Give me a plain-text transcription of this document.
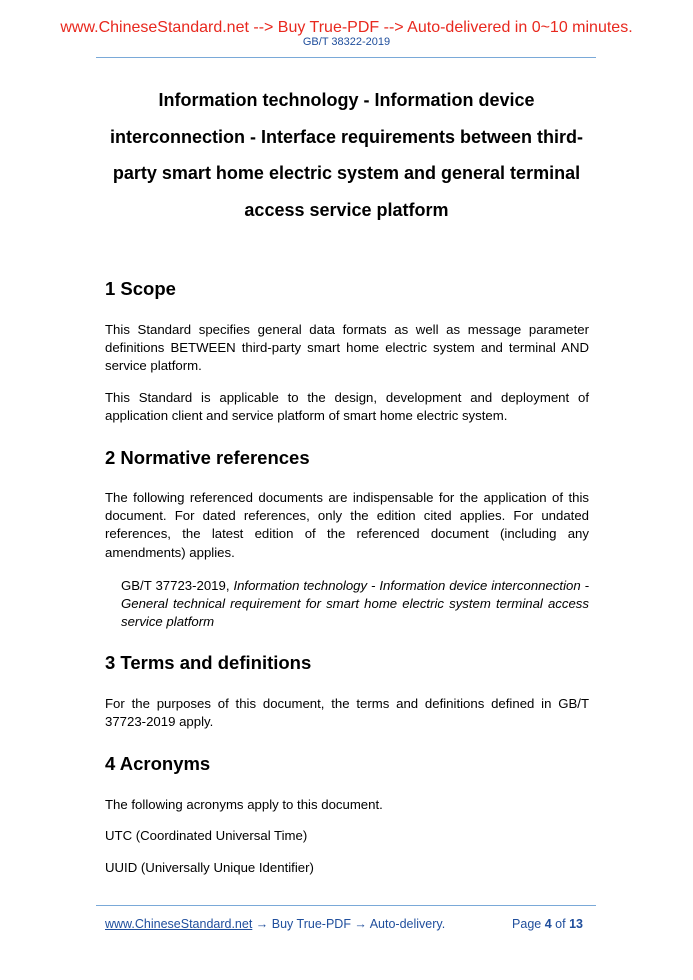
www.ChineseStandard.net --> Buy True-PDF --> Auto-delivered in 0~10 minutes.
GB/T 38322-2019
Information technology - Information device interconnection - Interface requirements between third-party smart home electric system and general terminal access service platform
1 Scope

This Standard specifies general data formats as well as message parameter definitions BETWEEN third-party smart home electric system and terminal AND service platform.

This Standard is applicable to the design, development and deployment of application client and service platform of smart home electric system.

2 Normative references

The following referenced documents are indispensable for the application of this document. For dated references, only the edition cited applies. For undated references, the latest edition of the referenced document (including any amendments) applies.

GB/T 37723-2019, Information technology - Information device interconnection - General technical requirement for smart home electric system terminal access service platform

3 Terms and definitions

For the purposes of this document, the terms and definitions defined in GB/T 37723-2019 apply.

4 Acronyms

The following acronyms apply to this document.

UTC (Coordinated Universal Time)

UUID (Universally Unique Identifier)

www.ChineseStandard.net → Buy True-PDF → Auto-delivery.	Page 4 of 13
